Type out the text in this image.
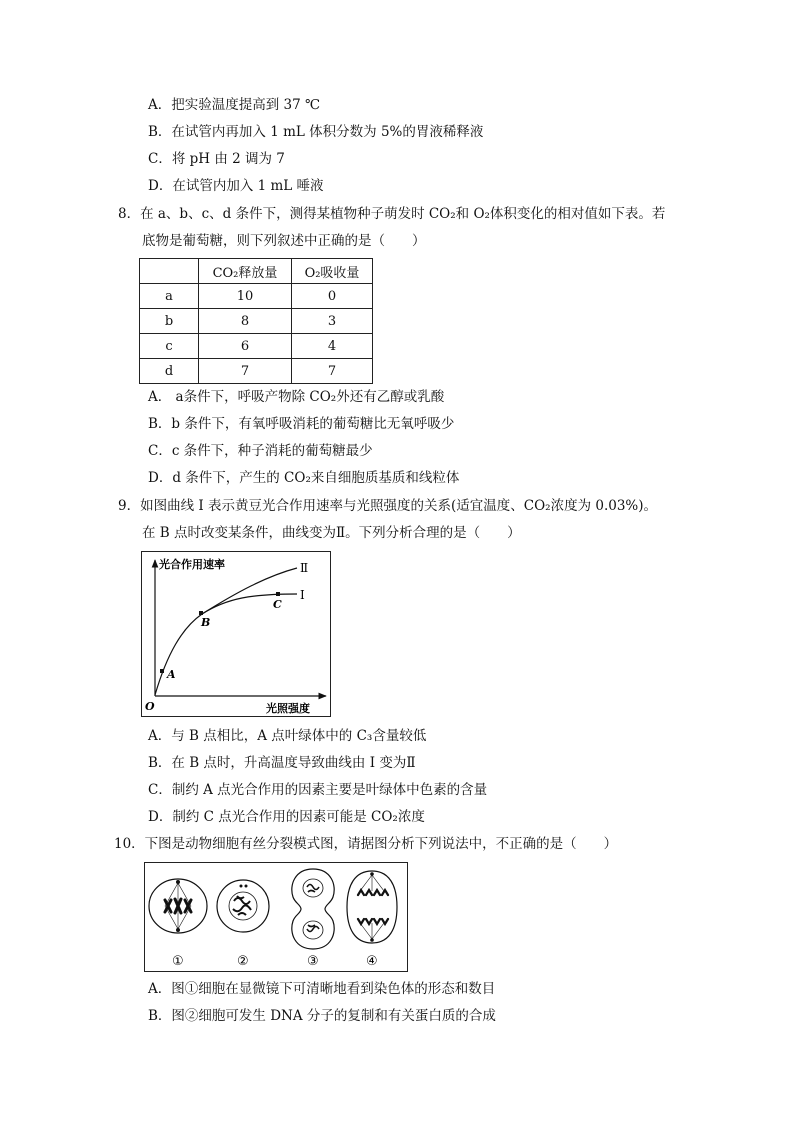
A．把实验温度提高到 37 ℃
B．在试管内再加入 1 mL 体积分数为 5%的胃液稀释液
C．将 pH 由 2 调为 7
D．在试管内加入 1 mL 唾液
8．在 a、b、c、d 条件下，测得某植物种子萌发时 CO₂和 O₂体积变化的相对值如下表。若
底物是葡萄糖，则下列叙述中正确的是（　　）
	CO₂释放量	O₂吸收量
a	10	0
b	8	3
c	6	4
d	7	7
A． a条件下，呼吸产物除 CO₂外还有乙醇或乳酸
B．b 条件下，有氧呼吸消耗的葡萄糖比无氧呼吸少
C．c 条件下，种子消耗的葡萄糖最少
D．d 条件下，产生的 CO₂来自细胞质基质和线粒体
9．如图曲线 Ⅰ 表示黄豆光合作用速率与光照强度的关系(适宜温度、CO₂浓度为 0.03%)。
在 B 点时改变某条件，曲线变为Ⅱ。下列分析合理的是（　　）
光合作用速率
光照强度
O
A
B
C
Ⅰ
Ⅱ
A．与 B 点相比，A 点叶绿体中的 C₃含量较低
B．在 B 点时，升高温度导致曲线由 Ⅰ 变为Ⅱ
C．制约 A 点光合作用的因素主要是叶绿体中色素的含量
D．制约 C 点光合作用的因素可能是 CO₂浓度
10．下图是动物细胞有丝分裂模式图，请据图分析下列说法中，不正确的是（　　）
①	②	③	④
A．图①细胞在显微镜下可清晰地看到染色体的形态和数目
B．图②细胞可发生 DNA 分子的复制和有关蛋白质的合成
